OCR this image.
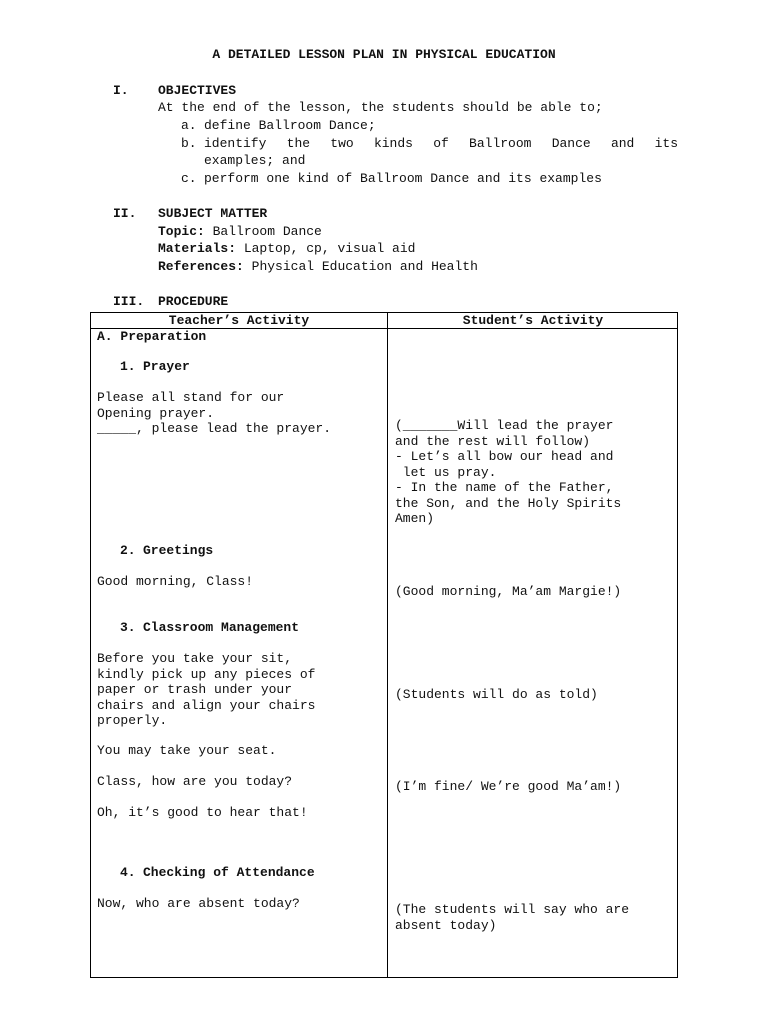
A DETAILED LESSON PLAN IN PHYSICAL EDUCATION
I. OBJECTIVES
At the end of the lesson, the students should be able to;
a. define Ballroom Dance;
b. identify the two kinds of Ballroom Dance and its
examples; and
c. perform one kind of Ballroom Dance and its examples
II. SUBJECT MATTER
Topic: Ballroom Dance
Materials: Laptop, cp, visual aid
References: Physical Education and Health
III. PROCEDURE
Teacher’s Activity	Student’s Activity
A. Preparation
1. Prayer
Please all stand for our
Opening prayer.
_____, please lead the prayer.
2. Greetings
Good morning, Class!
3. Classroom Management
Before you take your sit,
kindly pick up any pieces of
paper or trash under your
chairs and align your chairs
properly.
You may take your seat.
Class, how are you today?
Oh, it’s good to hear that!
4. Checking of Attendance
Now, who are absent today?
(_______Will lead the prayer
and the rest will follow)
- Let’s all bow our head and
let us pray.
- In the name of the Father,
the Son, and the Holy Spirits
Amen)
(Good morning, Ma’am Margie!)
(Students will do as told)
(I’m fine/ We’re good Ma’am!)
(The students will say who are
absent today)
